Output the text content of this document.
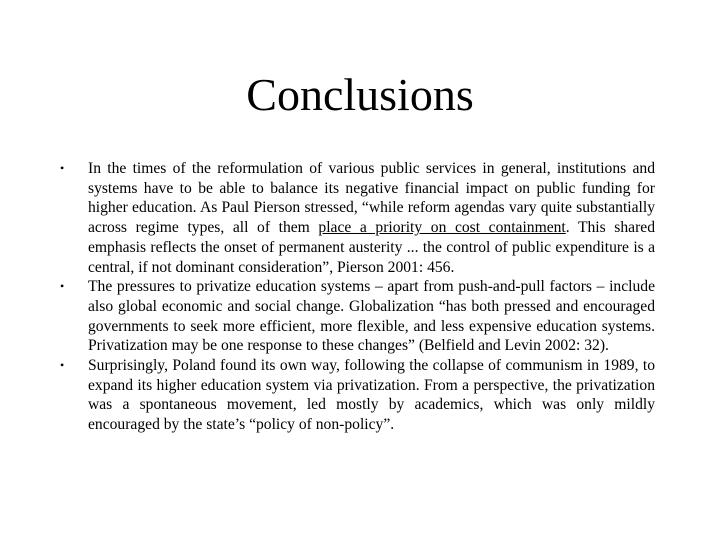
Conclusions
• In the times of the reformulation of various public services in general, institutions and systems have to be able to balance its negative financial impact on public funding for higher education. As Paul Pierson stressed, “while reform agendas vary quite substantially across regime types, all of them place a priority on cost containment. This shared emphasis reflects the onset of permanent austerity ... the control of public expenditure is a central, if not dominant consideration”, Pierson 2001: 456.
• The pressures to privatize education systems – apart from push-and-pull factors – include also global economic and social change. Globalization “has both pressed and encouraged governments to seek more efficient, more flexible, and less expensive education systems. Privatization may be one response to these changes” (Belfield and Levin 2002: 32).
• Surprisingly, Poland found its own way, following the collapse of communism in 1989, to expand its higher education system via privatization. From a perspective, the privatization was a spontaneous movement, led mostly by academics, which was only mildly encouraged by the state’s “policy of non-policy”.
